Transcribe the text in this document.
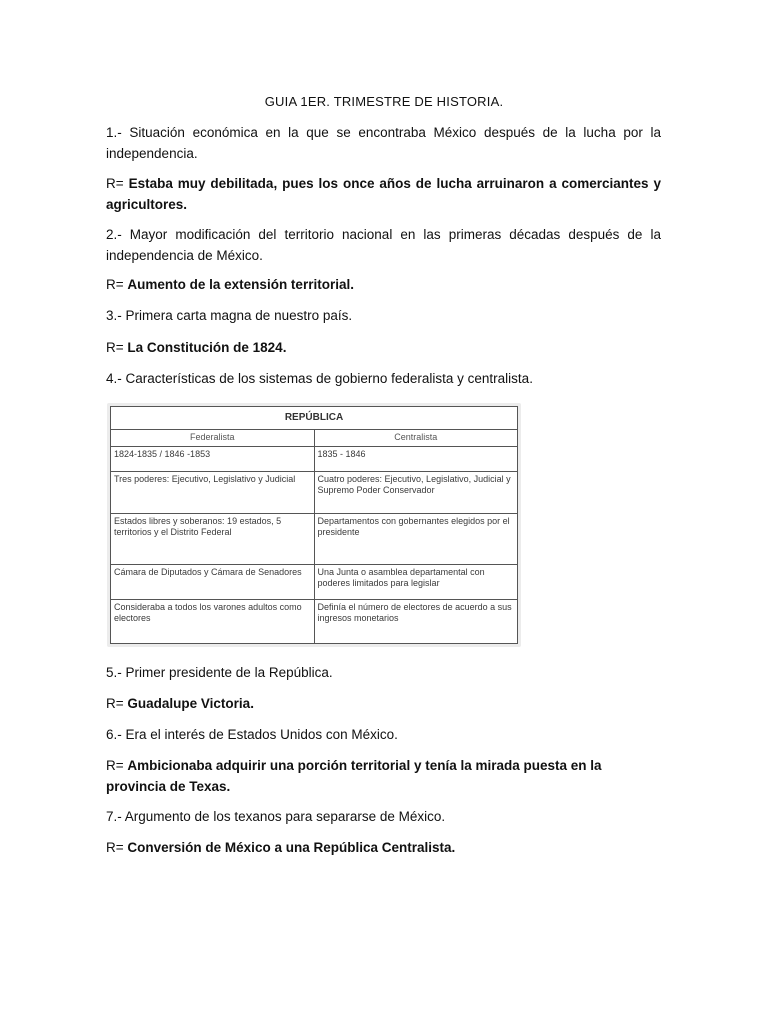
GUIA 1ER. TRIMESTRE DE HISTORIA.

1.- Situación económica en la que se encontraba México después de la lucha por la independencia.

R= Estaba muy debilitada, pues los once años de lucha arruinaron a comerciantes y agricultores.

2.- Mayor modificación del territorio nacional en las primeras décadas después de la independencia de México.

R= Aumento de la extensión territorial.

3.- Primera carta magna de nuestro país.

R= La Constitución de 1824.

4.- Características de los sistemas de gobierno federalista y centralista.

REPÚBLICA	
Federalista	Centralista
1824-1835 / 1846 -1853	1835 - 1846
Tres poderes: Ejecutivo, Legislativo y Judicial	Cuatro poderes: Ejecutivo, Legislativo, Judicial y Supremo Poder Conservador
Estados libres y soberanos: 19 estados, 5 territorios y el Distrito Federal	Departamentos con gobernantes elegidos por el presidente
Cámara de Diputados y Cámara de Senadores	Una Junta o asamblea departamental con poderes limitados para legislar
Consideraba a todos los varones adultos como electores	Definía el número de electores de acuerdo a sus ingresos monetarios

5.- Primer presidente de la República.

R= Guadalupe Victoria.

6.- Era el interés de Estados Unidos con México.

R= Ambicionaba adquirir una porción territorial y tenía la mirada puesta en la provincia de Texas.

7.- Argumento de los texanos para separarse de México.

R= Conversión de México a una República Centralista.
